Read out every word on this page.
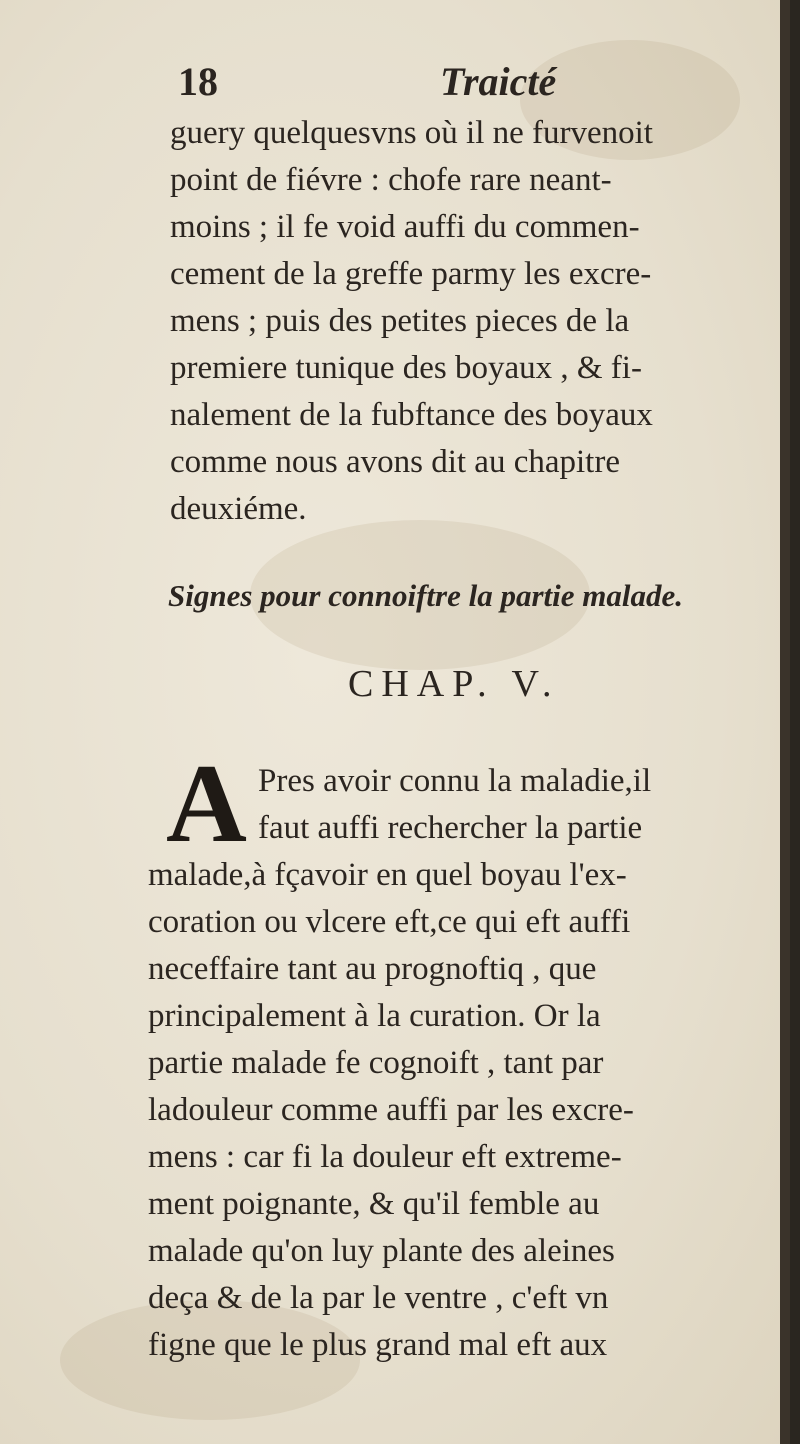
18	Traicté
guery quelquesvns où il ne furvenoit
point de fiévre : chofe rare neant-
moins ; il fe void auffi du commen-
cement de la greffe parmy les excre-
mens ; puis des petites pieces de la
premiere tunique des boyaux , & fi-
nalement de la fubftance des boyaux
comme nous avons dit au chapitre
deuxiéme.
Signes pour connoiftre la partie malade.
CHAP. V.
A Pres avoir connu la maladie,il
faut auffi rechercher la partie
malade,à fçavoir en quel boyau l'ex-
coration ou vlcere eft,ce qui eft auffi
neceffaire tant au prognoftiq , que
principalement à la curation. Or la
partie malade fe cognoift , tant par
ladouleur comme auffi par les excre-
mens : car fi la douleur eft extreme-
ment poignante, & qu'il femble au
malade qu'on luy plante des aleines
deça & de la par le ventre , c'eft vn
figne que le plus grand mal eft aux
